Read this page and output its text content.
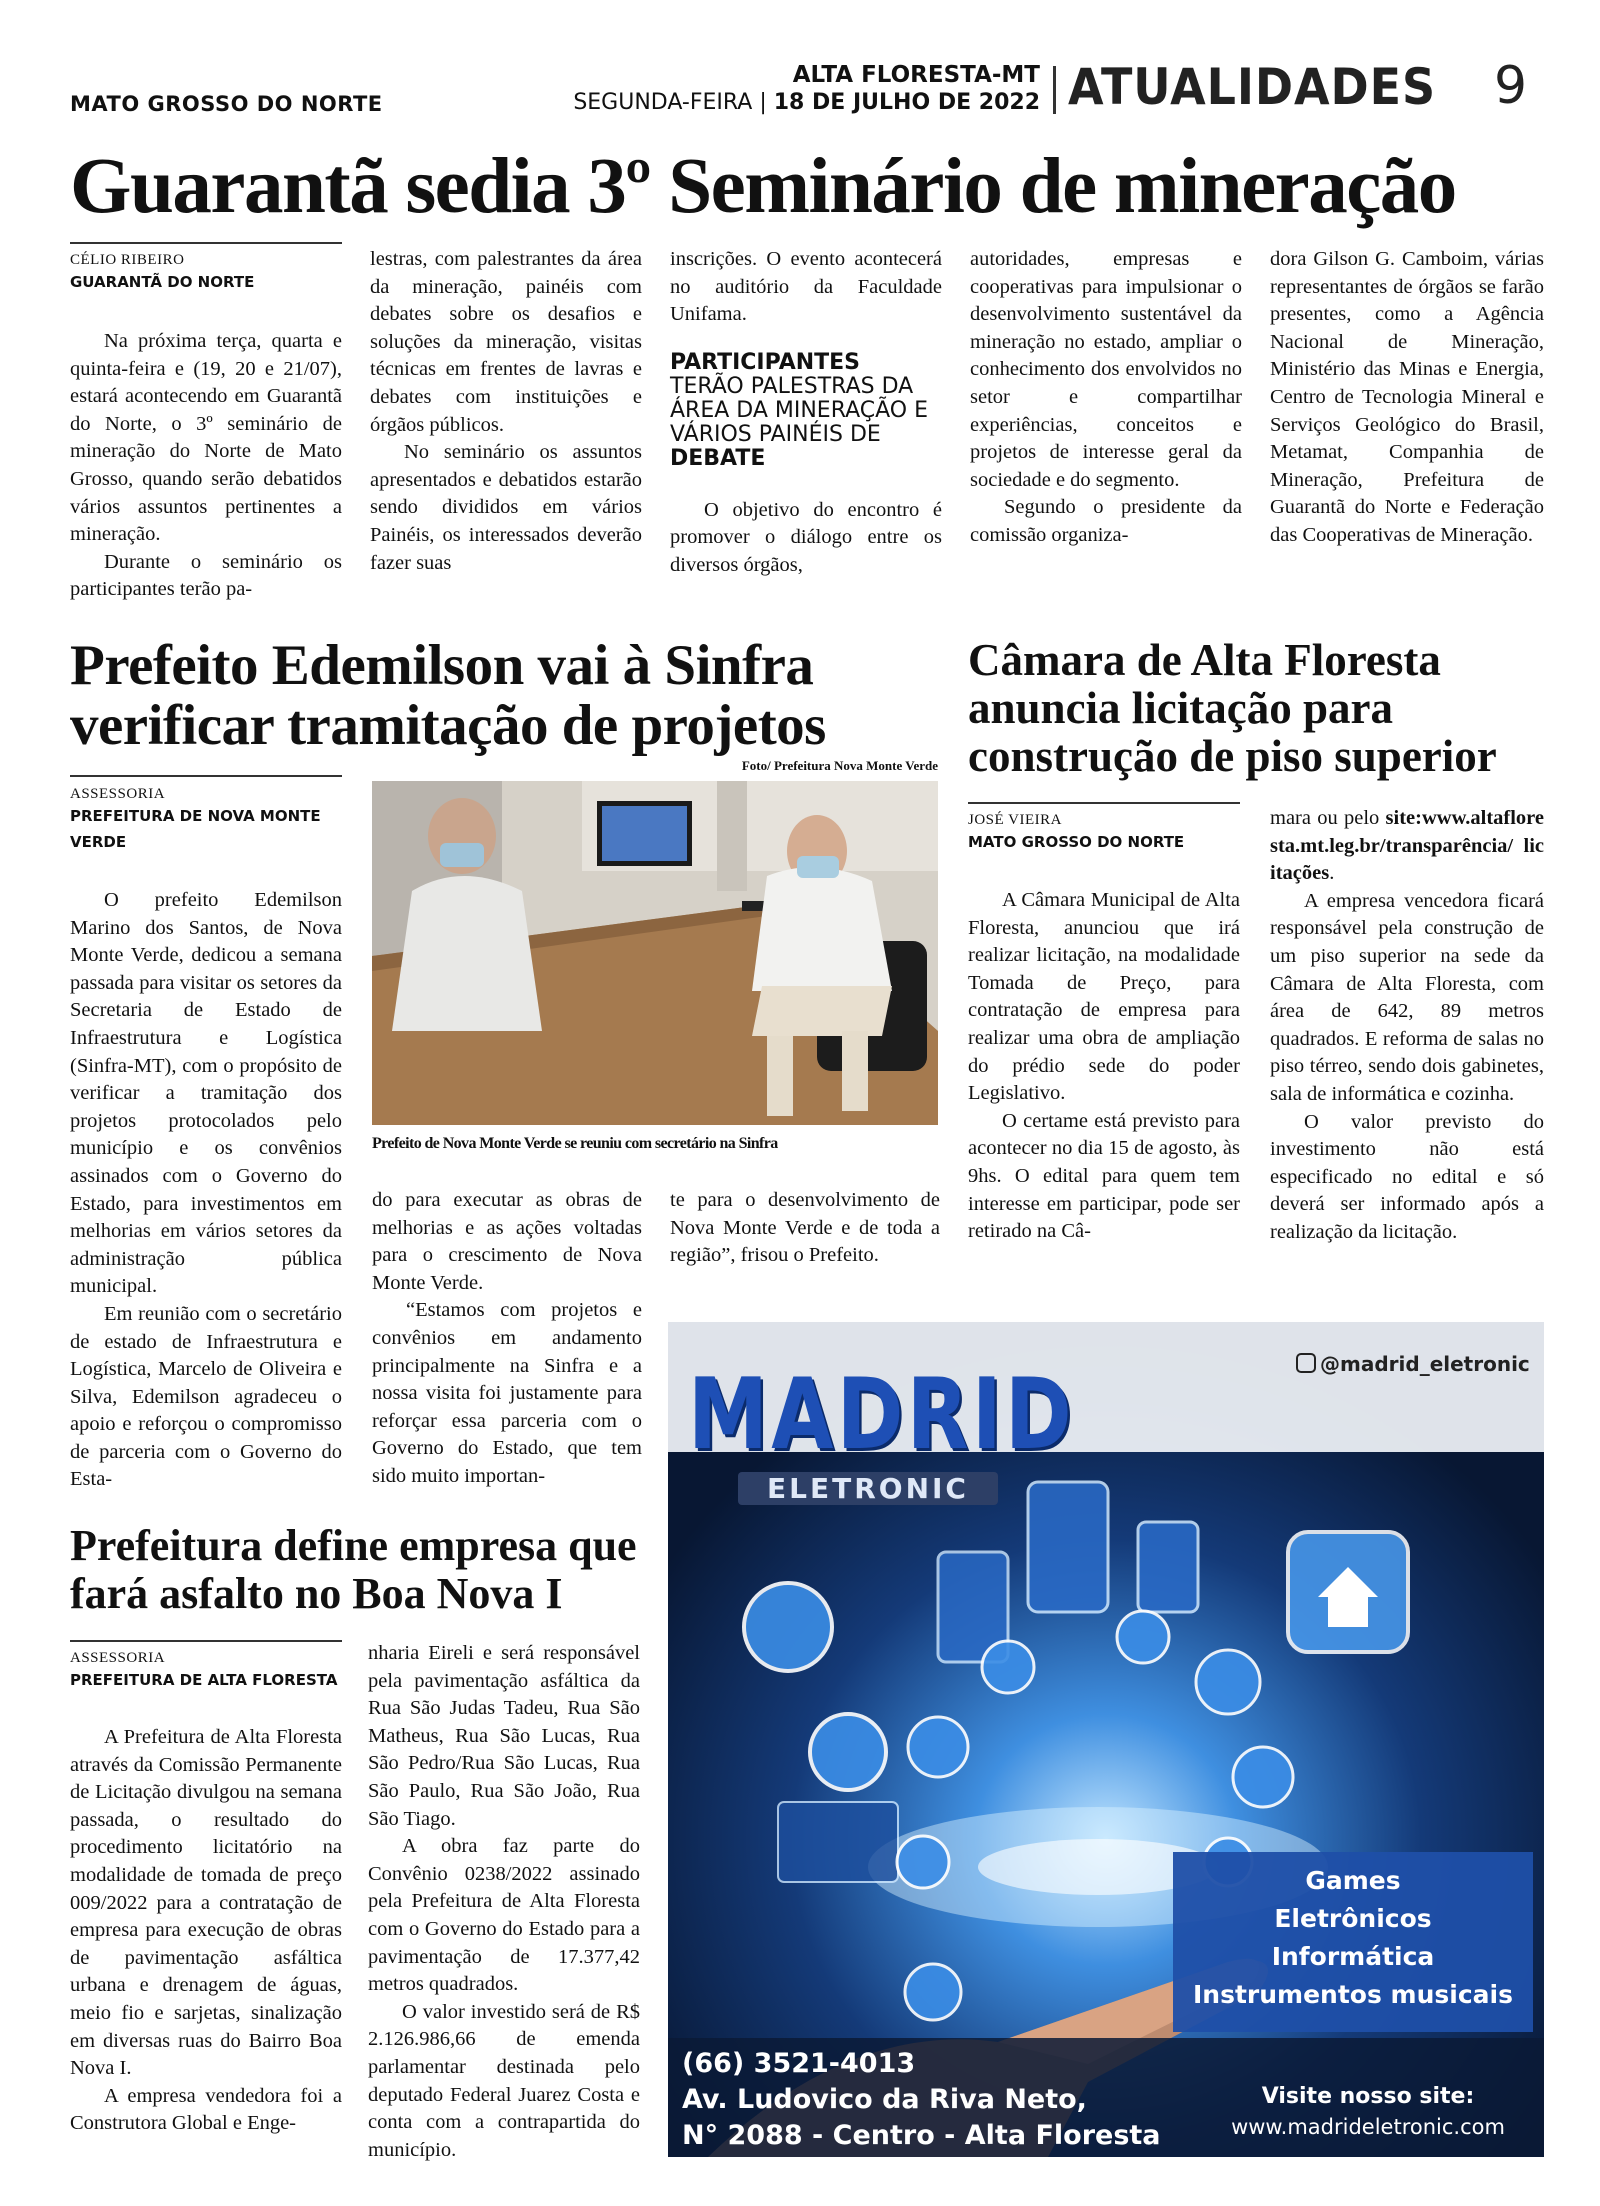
MATO GROSSO DO NORTE
ALTA FLORESTA-MT
SEGUNDA-FEIRA | 18 DE JULHO DE 2022 ATUALIDADES 9
Guarantã sedia 3º Seminário de mineração
CÉLIO RIBEIRO
GUARANTÃ DO NORTE

Na próxima terça, quarta e quinta-feira e (19, 20 e 21/07), estará acontecendo em Guarantã do Norte, o 3º seminário de mineração do Norte de Mato Grosso, quando serão debatidos vários assuntos pertinentes a mineração.

Durante o seminário os participantes terão pa-

lestras, com palestrantes da área da mineração, painéis com debates sobre os desafios e soluções da mineração, visitas técnicas em frentes de lavras e debates com instituições e órgãos públicos.

No seminário os assuntos apresentados e debatidos estarão sendo divididos em vários Painéis, os interessados deverão fazer suas

inscrições. O evento acontecerá no auditório da Faculdade Unifama.

PARTICIPANTES
TERÃO PALESTRAS DA ÁREA DA MINERAÇÃO E VÁRIOS PAINÉIS DE
DEBATE

O objetivo do encontro é promover o diálogo entre os diversos órgãos,

autoridades, empresas e cooperativas para impulsionar o desenvolvimento sustentável da mineração no estado, ampliar o conhecimento dos envolvidos no setor e compartilhar experiências, conceitos e projetos de interesse geral da sociedade e do segmento.

Segundo o presidente da comissão organiza-

dora Gilson G. Camboim, várias representantes de órgãos se farão presentes, como a Agência Nacional de Mineração, Ministério das Minas e Energia, Centro de Tecnologia Mineral e Serviços Geológico do Brasil, Metamat, Companhia de Mineração, Prefeitura de Guarantã do Norte e Federação das Cooperativas de Mineração.

Prefeito Edemilson vai à Sinfra
verificar tramitação de projetos
ASSESSORIA
PREFEITURA DE NOVA MONTE
VERDE
Foto/ Prefeitura Nova Monte Verde
Prefeito de Nova Monte Verde se reuniu com secretário na Sinfra

O prefeito Edemilson Marino dos Santos, de Nova Monte Verde, dedicou a semana passada para visitar os setores da Secretaria de Estado de Infraestrutura e Logística (Sinfra-MT), com o propósito de verificar a tramitação dos projetos protocolados pelo município e os convênios assinados com o Governo do Estado, para investimentos em melhorias em vários setores da administração pública municipal.

Em reunião com o secretário de estado de Infraestrutura e Logística, Marcelo de Oliveira e Silva, Edemilson agradeceu o apoio e reforçou o compromisso de parceria com o Governo do Esta-

do para executar as obras de melhorias e as ações voltadas para o crescimento de Nova Monte Verde.

“Estamos com projetos e convênios em andamento principalmente na Sinfra e a nossa visita foi justamente para reforçar essa parceria com o Governo do Estado, que tem sido muito importan-

te para o desenvolvimento de Nova Monte Verde e de toda a região”, frisou o Prefeito.

Câmara de Alta Floresta
anuncia licitação para
construção de piso superior
JOSÉ VIEIRA
MATO GROSSO DO NORTE

A Câmara Municipal de Alta Floresta, anunciou que irá realizar licitação, na modalidade Tomada de Preço, para contratação de empresa para realizar uma obra de ampliação do prédio sede do poder Legislativo.

O certame está previsto para acontecer no dia 15 de agosto, às 9hs. O edital para quem tem interesse em participar, pode ser retirado na Câ-

mara ou pelo site:www.altafloresta.mt.leg.br/transparência/ licitações.

A empresa vencedora ficará responsável pela construção de um piso superior na sede da Câmara de Alta Floresta, com área de 642, 89 metros quadrados. E reforma de salas no piso térreo, sendo dois gabinetes, sala de informática e cozinha.

O valor previsto do investimento não está especificado no edital e só deverá ser informado após a realização da licitação.

Prefeitura define empresa que
fará asfalto no Boa Nova I
ASSESSORIA
PREFEITURA DE ALTA FLORESTA

A Prefeitura de Alta Floresta através da Comissão Permanente de Licitação divulgou na semana passada, o resultado do procedimento licitatório na modalidade de tomada de preço 009/2022 para a contratação de empresa para execução de obras de pavimentação asfáltica urbana e drenagem de águas, meio fio e sarjetas, sinalização em diversas ruas do Bairro Boa Nova I.

A empresa vendedora foi a Construtora Global e Enge-

nharia Eireli e será responsável pela pavimentação asfáltica da Rua São Judas Tadeu, Rua São Matheus, Rua São Lucas, Rua São Pedro/Rua São Lucas, Rua São Paulo, Rua São João, Rua São Tiago.

A obra faz parte do Convênio 0238/2022 assinado pela Prefeitura de Alta Floresta com o Governo do Estado para a pavimentação de 17.377,42 metros quadrados.

O valor investido será de R$ 2.126.986,66 de emenda parlamentar destinada pelo deputado Federal Juarez Costa e conta com a contrapartida do município.

MADRID
ELETRONIC
@madrid_eletronic
Games
Eletrônicos
Informática
Instrumentos musicais
(66) 3521-4013
Av. Ludovico da Riva Neto,
N° 2088 - Centro - Alta Floresta
Visite nosso site:
www.madrideletronic.com
